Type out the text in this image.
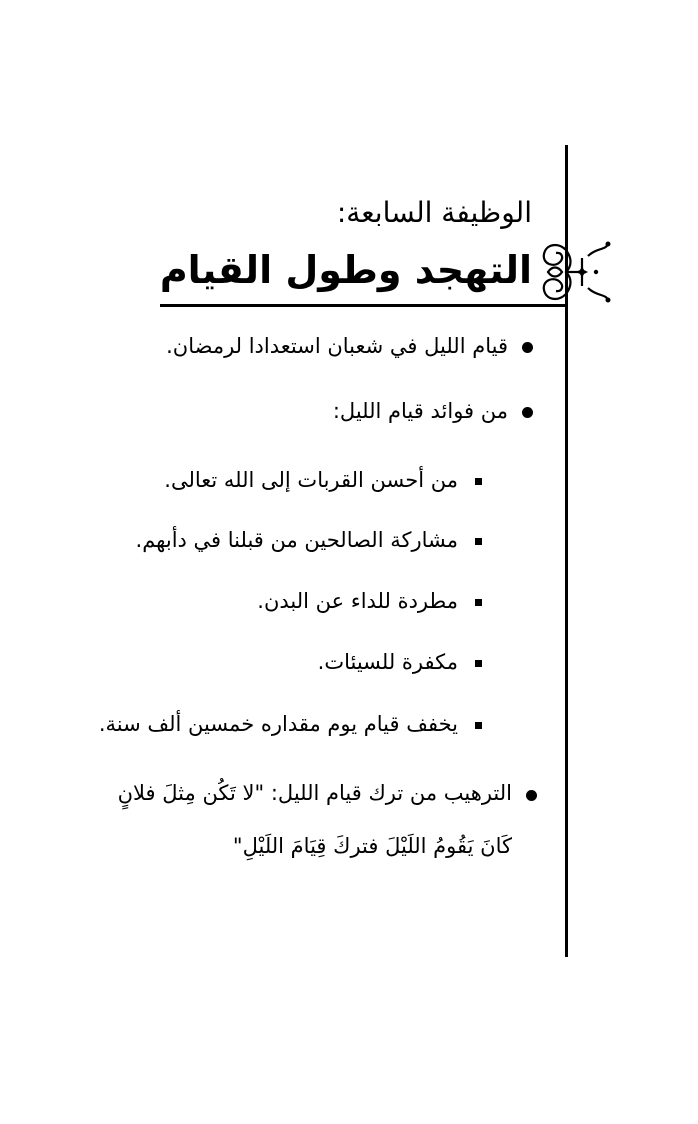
الوظيفة السابعة:
التهجد وطول القيام
قيام الليل في شعبان استعدادا لرمضان.
من فوائد قيام الليل:
من أحسن القربات إلى الله تعالى.
مشاركة الصالحين من قبلنا في دأبهم.
مطردة للداء عن البدن.
مكفرة للسيئات.
يخفف قيام يوم مقداره خمسين ألف سنة.
الترهيب من ترك قيام الليل: "لا تَكُن مِثلَ فلانٍ
كَانَ يَقُومُ اللَيْلَ فتركَ قِيَامَ اللَيْلِ"
